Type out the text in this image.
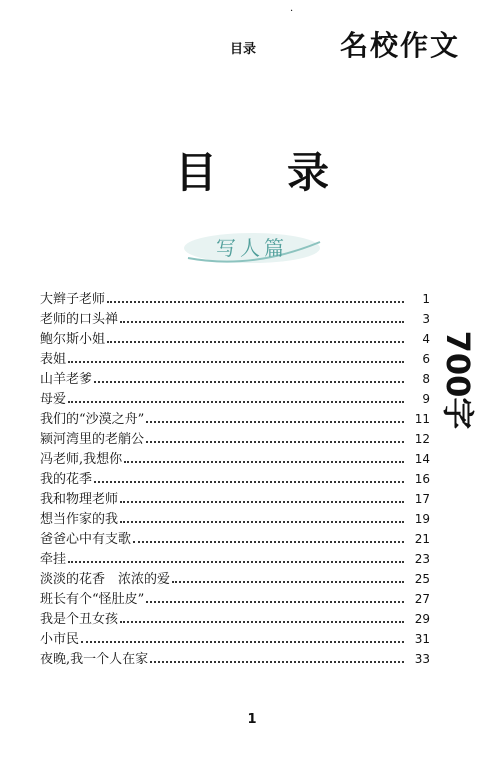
·
目录	名校作文
目录
写人篇
700字
大辫子老师	1
老师的口头禅	3
鲍尔斯小姐	4
表姐	6
山羊老爹	8
母爱	9
我们的“沙漠之舟”	11
颍河湾里的老艄公	12
冯老师,我想你	14
我的花季	16
我和物理老师	17
想当作家的我	19
爸爸心中有支歌	21
牵挂	23
淡淡的花香　浓浓的爱	25
班长有个“怪肚皮”	27
我是个丑女孩	29
小市民	31
夜晚,我一个人在家	33
1
